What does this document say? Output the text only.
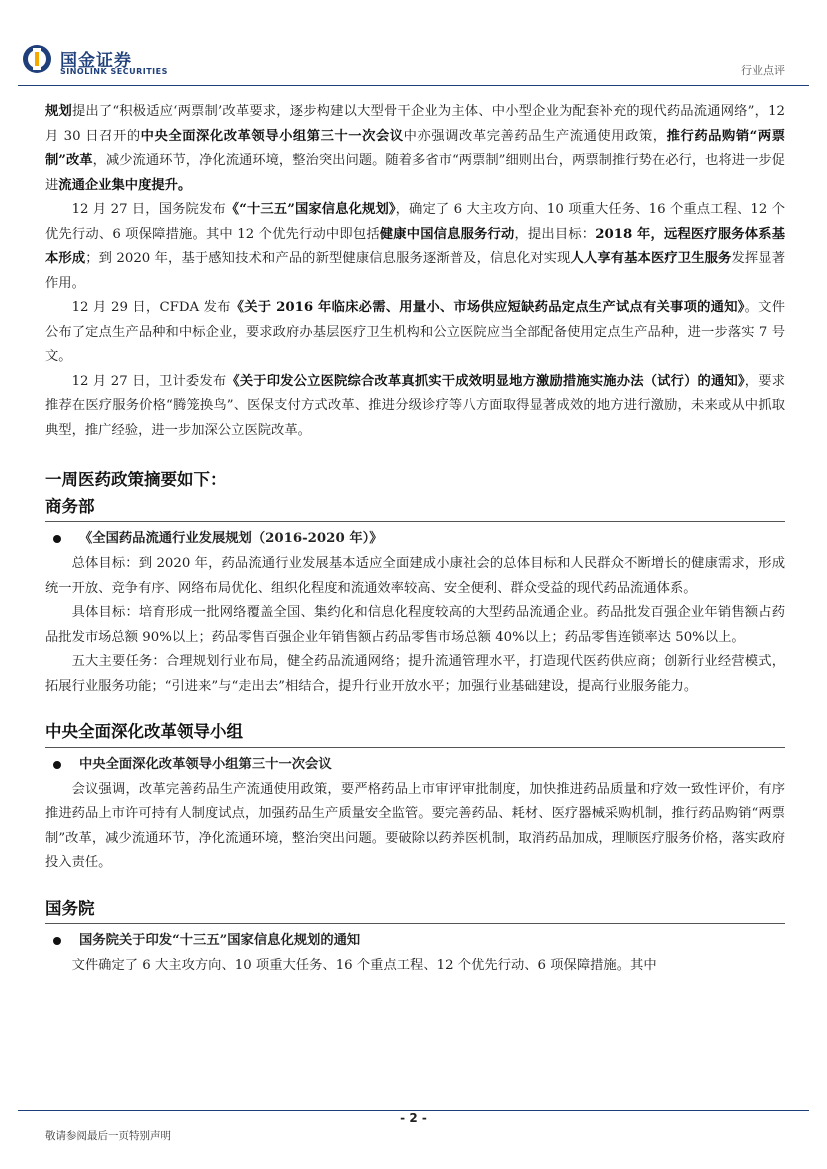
国金证券
SINOLINK SECURITIES	行业点评

规划提出了“积极适应‘两票制’改革要求，逐步构建以大型骨干企业为主体、中小型企业为配套补充的现代药品流通网络”，12 月 30 日召开的中央全面深化改革领导小组第三十一次会议中亦强调改革完善药品生产流通使用政策，推行药品购销“两票制”改革，减少流通环节，净化流通环境，整治突出问题。随着多省市“两票制”细则出台，两票制推行势在必行，也将进一步促进流通企业集中度提升。

12 月 27 日，国务院发布《“十三五”国家信息化规划》，确定了 6 大主攻方向、10 项重大任务、16 个重点工程、12 个优先行动、6 项保障措施。其中 12 个优先行动中即包括健康中国信息服务行动，提出目标：2018 年，远程医疗服务体系基本形成；到 2020 年，基于感知技术和产品的新型健康信息服务逐渐普及，信息化对实现人人享有基本医疗卫生服务发挥显著作用。

12 月 29 日，CFDA 发布《关于 2016 年临床必需、用量小、市场供应短缺药品定点生产试点有关事项的通知》。文件公布了定点生产品种和中标企业，要求政府办基层医疗卫生机构和公立医院应当全部配备使用定点生产品种，进一步落实 7 号文。

12 月 27 日，卫计委发布《关于印发公立医院综合改革真抓实干成效明显地方激励措施实施办法（试行）的通知》，要求推荐在医疗服务价格“腾笼换鸟”、医保支付方式改革、推进分级诊疗等八方面取得显著成效的地方进行激励，未来或从中抓取典型，推广经验，进一步加深公立医院改革。

一周医药政策摘要如下：

商务部

《全国药品流通行业发展规划（2016-2020 年）》

总体目标：到 2020 年，药品流通行业发展基本适应全面建成小康社会的总体目标和人民群众不断增长的健康需求，形成统一开放、竞争有序、网络布局优化、组织化程度和流通效率较高、安全便利、群众受益的现代药品流通体系。

具体目标：培育形成一批网络覆盖全国、集约化和信息化程度较高的大型药品流通企业。药品批发百强企业年销售额占药品批发市场总额 90%以上；药品零售百强企业年销售额占药品零售市场总额 40%以上；药品零售连锁率达 50%以上。

五大主要任务：合理规划行业布局，健全药品流通网络；提升流通管理水平，打造现代医药供应商；创新行业经营模式，拓展行业服务功能；“引进来”与“走出去”相结合，提升行业开放水平；加强行业基础建设，提高行业服务能力。

中央全面深化改革领导小组

中央全面深化改革领导小组第三十一次会议

会议强调，改革完善药品生产流通使用政策，要严格药品上市审评审批制度，加快推进药品质量和疗效一致性评价，有序推进药品上市许可持有人制度试点，加强药品生产质量安全监管。要完善药品、耗材、医疗器械采购机制，推行药品购销“两票制”改革，减少流通环节，净化流通环境，整治突出问题。要破除以药养医机制，取消药品加成，理顺医疗服务价格，落实政府投入责任。

国务院

国务院关于印发“十三五”国家信息化规划的通知

文件确定了 6 大主攻方向、10 项重大任务、16 个重点工程、12 个优先行动、6 项保障措施。其中

- 2 -
敬请参阅最后一页特别声明
